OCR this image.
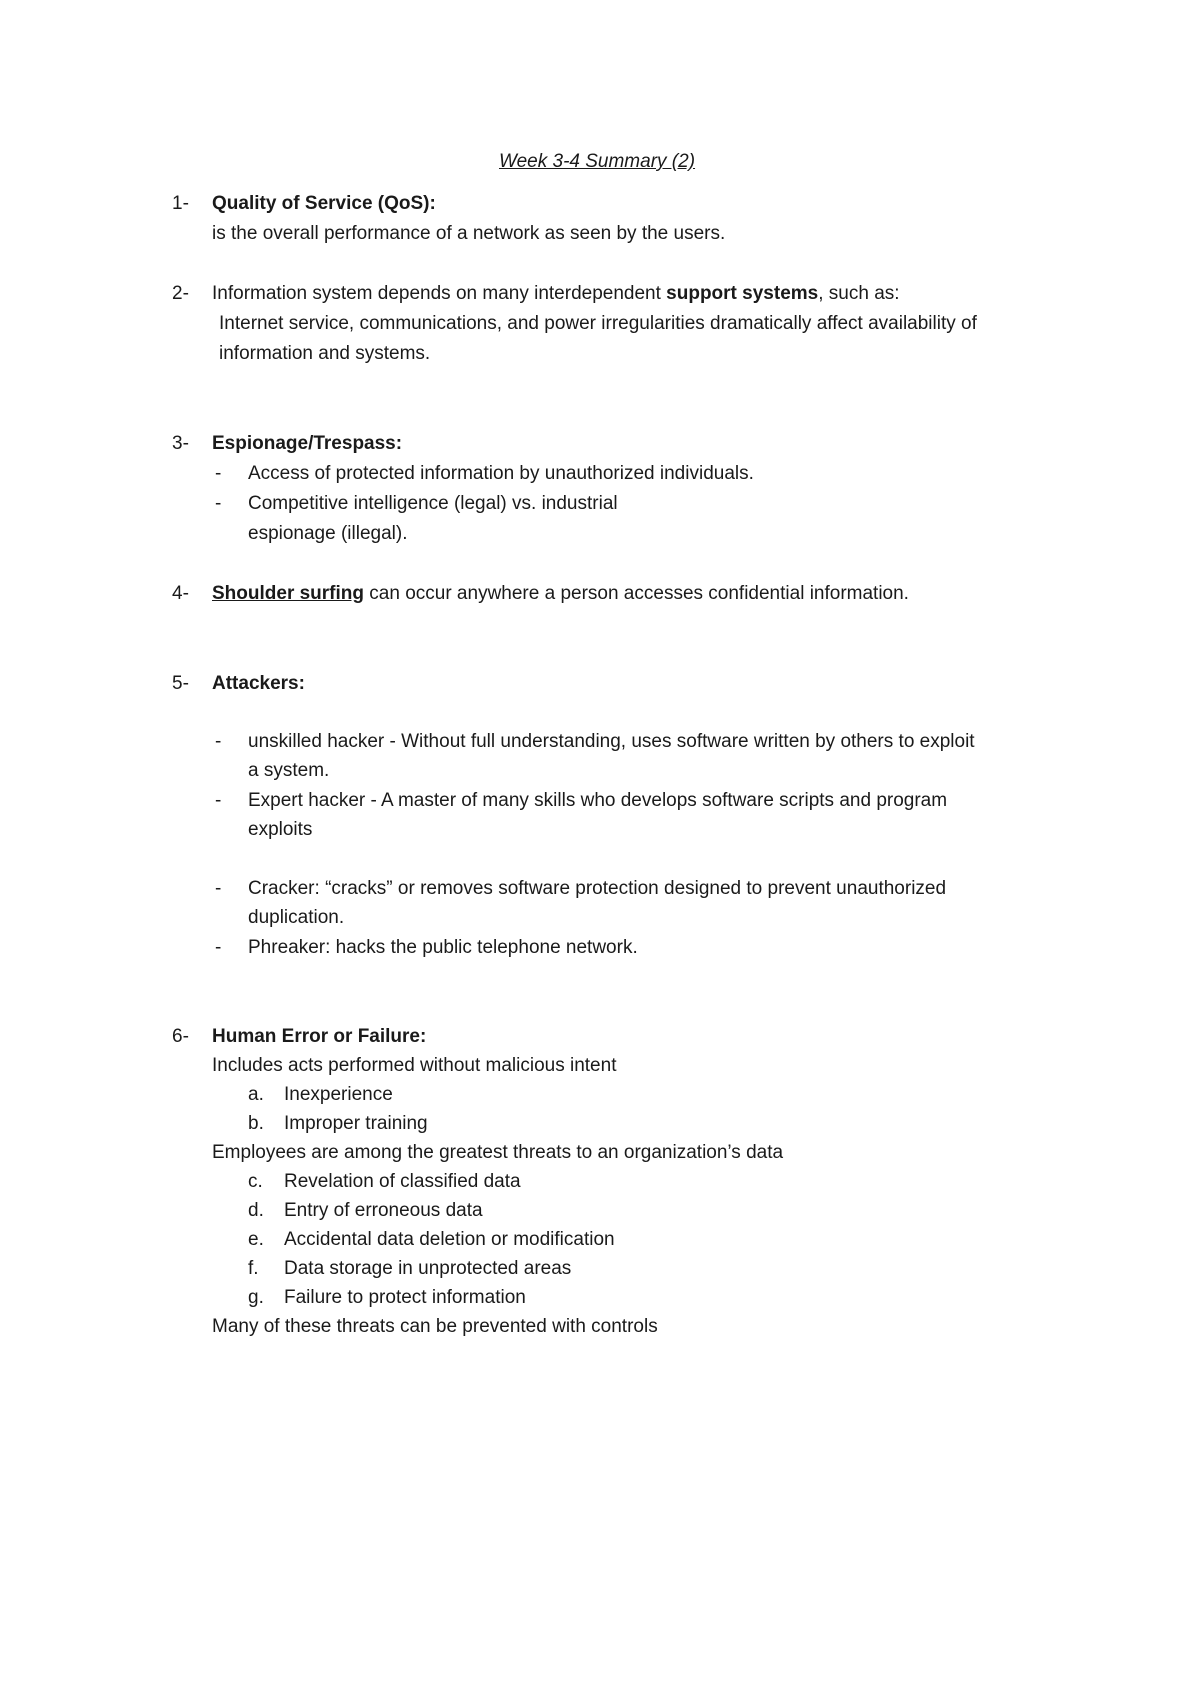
Week 3-4 Summary (2)
1- Quality of Service (QoS):
is the overall performance of a network as seen by the users.
2- Information system depends on many interdependent support systems, such as:
Internet service, communications, and power irregularities dramatically affect availability of
information and systems.
3- Espionage/Trespass:
- Access of protected information by unauthorized individuals.
- Competitive intelligence (legal) vs. industrial
espionage (illegal).
4- Shoulder surfing can occur anywhere a person accesses confidential information.
5- Attackers:
- unskilled hacker - Without full understanding, uses software written by others to exploit
a system.
- Expert hacker - A master of many skills who develops software scripts and program
exploits
- Cracker: “cracks” or removes software protection designed to prevent unauthorized
duplication.
- Phreaker: hacks the public telephone network.
6- Human Error or Failure:
Includes acts performed without malicious intent
a. Inexperience
b. Improper training
Employees are among the greatest threats to an organization’s data
c. Revelation of classified data
d. Entry of erroneous data
e. Accidental data deletion or modification
f. Data storage in unprotected areas
g. Failure to protect information
Many of these threats can be prevented with controls
